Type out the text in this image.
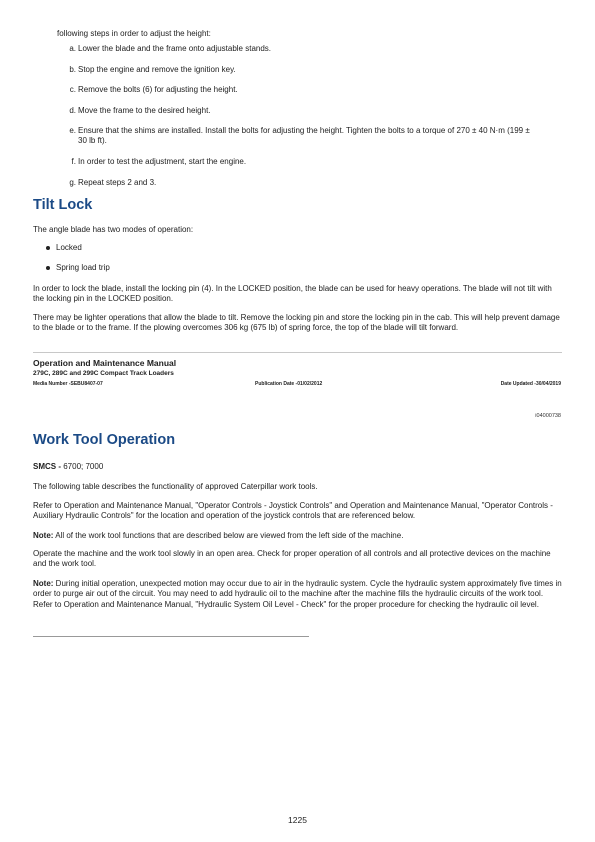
following steps in order to adjust the height:
a. Lower the blade and the frame onto adjustable stands.
b. Stop the engine and remove the ignition key.
c. Remove the bolts (6) for adjusting the height.
d. Move the frame to the desired height.
e. Ensure that the shims are installed. Install the bolts for adjusting the height. Tighten the bolts to a torque of 270 ± 40 N·m (199 ± 30 lb ft).
f. In order to test the adjustment, start the engine.
g. Repeat steps 2 and 3.
Tilt Lock
The angle blade has two modes of operation:
Locked
Spring load trip
In order to lock the blade, install the locking pin (4). In the LOCKED position, the blade can be used for heavy operations. The blade will not tilt with the locking pin in the LOCKED position.
There may be lighter operations that allow the blade to tilt. Remove the locking pin and store the locking pin in the cab. This will help prevent damage to the blade or to the frame. If the plowing overcomes 306 kg (675 lb) of spring force, the top of the blade will tilt forward.
Operation and Maintenance Manual
279C, 289C and 299C Compact Track Loaders
Media Number -SEBU8407-07	Publication Date -01/02/2012	Date Updated -30/04/2019
i04000738
Work Tool Operation
SMCS - 6700; 7000
The following table describes the functionality of approved Caterpillar work tools.
Refer to Operation and Maintenance Manual, "Operator Controls - Joystick Controls" and Operation and Maintenance Manual, "Operator Controls - Auxiliary Hydraulic Controls" for the location and operation of the joystick controls that are referenced below.
Note: All of the work tool functions that are described below are viewed from the left side of the machine.
Operate the machine and the work tool slowly in an open area. Check for proper operation of all controls and all protective devices on the machine and the work tool.
Note: During initial operation, unexpected motion may occur due to air in the hydraulic system. Cycle the hydraulic system approximately five times in order to purge air out of the circuit. You may need to add hydraulic oil to the machine after the machine fills the hydraulic circuits of the work tool. Refer to Operation and Maintenance Manual, "Hydraulic System Oil Level - Check" for the proper procedure for checking the hydraulic oil level.
1225
